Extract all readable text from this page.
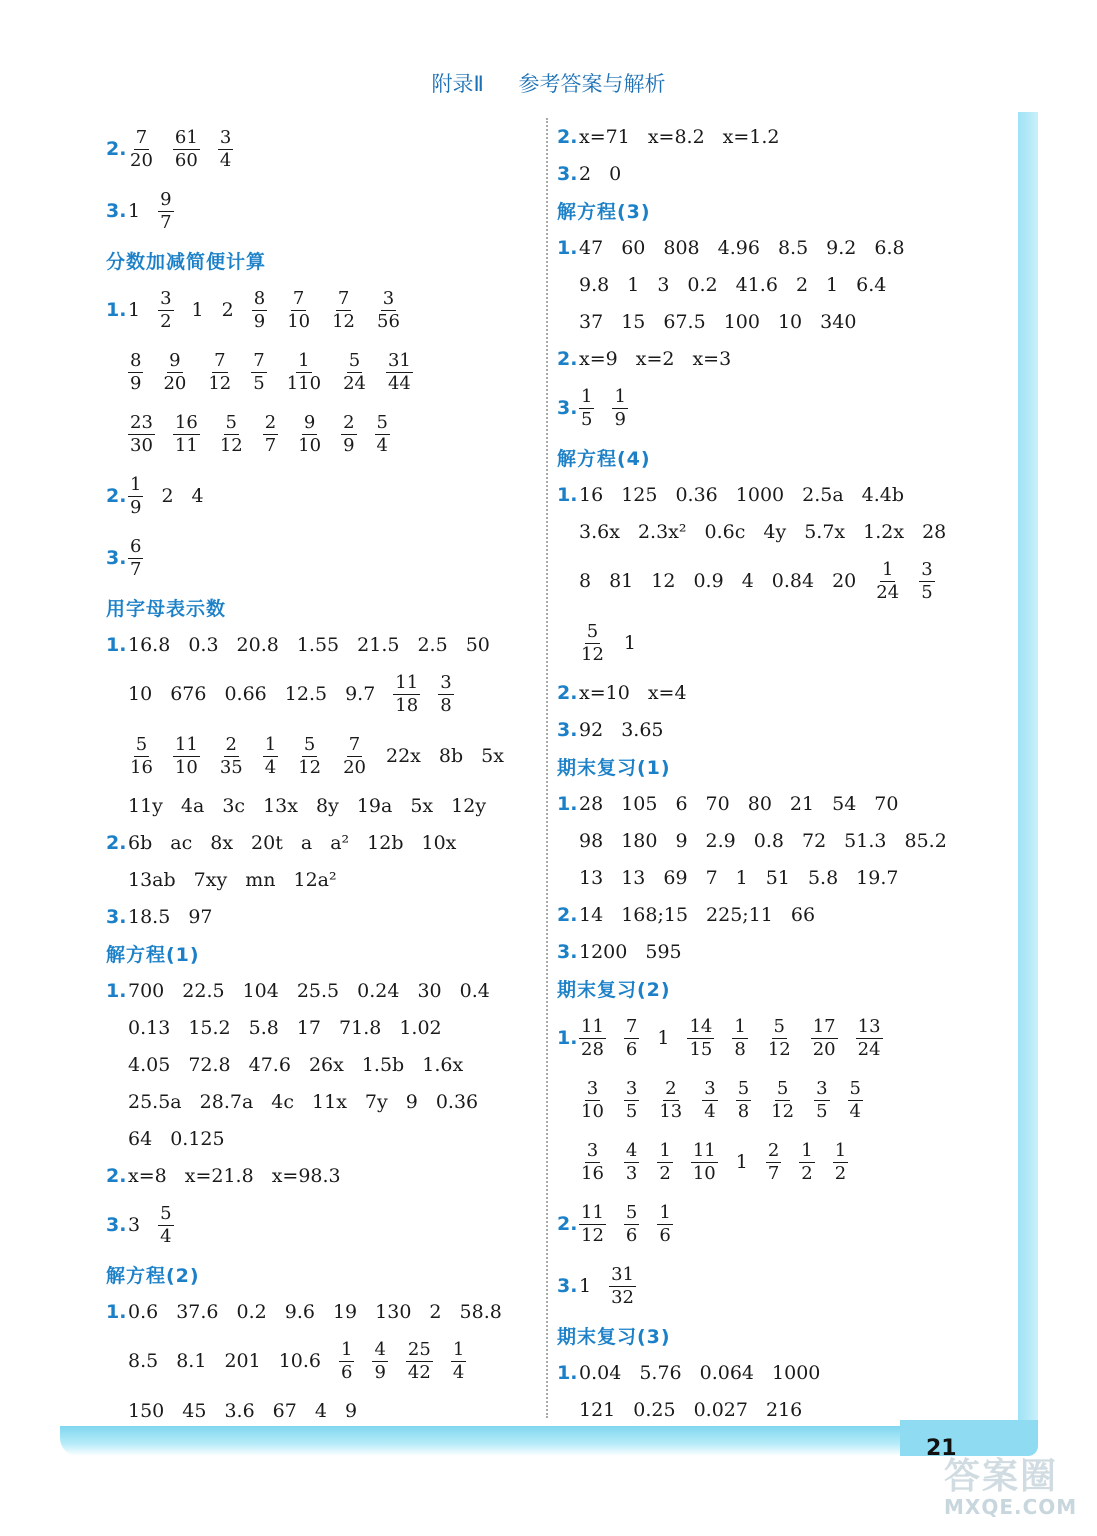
21
附录Ⅱ 参考答案与解析
2. $\frac{7}{20} \frac{61}{60} \frac{3}{4}$
3. $1 \frac{9}{7}$
分数加减简便计算
1. $1 \frac{3}{2} 1$ $2 \frac{8}{9} \frac{7}{10} \frac{7}{12} \frac{3}{56}$
$\frac{8}{9} \frac{9}{20} \frac{7}{12} \frac{7}{5} \frac{1}{110} \frac{5}{24} \frac{31}{44}$
$\frac{23}{30} \frac{16}{11} \frac{5}{12} \frac{2}{7} \frac{9}{10} \frac{2}{9} \frac{5}{4}$
2. $\frac{1}{9} 2$ 4
3. $\frac{6}{7}$
用字母表示数
1. 16.8 0.3 20.8 1.55 21.5 2.5 50
10 676 0.66 12.5 $9.7 \frac{11}{18} \frac{3}{8}$
$\frac{5}{16} \frac{11}{10} \frac{2}{35} \frac{1}{4} \frac{5}{12} \frac{7}{20} 22x$ 8b 5x
11y 4a 3c 13x 8y 19a 5x 12y
2. 6b ac 8x 20t a a² 12b 10x
13ab 7xy mn 12a²
3. 18.5 97
解方程(1)
1. 700 22.5 104 25.5 0.24 30 0.4
0.13 15.2 5.8 17 71.8 1.02
4.05 72.8 47.6 26x 1.5b 1.6x
25.5a 28.7a 4c 11x 7y 9 0.36
64 0.125
2. x=8 x=21.8 x=98.3
3. $3 \frac{5}{4}$
解方程(2)
1. 0.6 37.6 0.2 9.6 19 130 2 58.8
8.5 8.1 201 $10.6 \frac{1}{6} \frac{4}{9} \frac{25}{42} \frac{1}{4}$
150 45 3.6 67 4 9
2. x=71 x=8.2 x=1.2
3. 2 0
解方程(3)
1. 47 60 808 4.96 8.5 9.2 6.8
9.8 1 3 0.2 41.6 2 1 6.4
37 15 67.5 100 10 340
2. x=9 x=2 x=3
3. $\frac{1}{5} \frac{1}{9}$
解方程(4)
1. 16 125 0.36 1000 2.5a 4.4b
3.6x 2.3x² 0.6c 4y 5.7x 1.2x 28
8 81 12 0.9 4 0.84 $20 \frac{1}{24} \frac{3}{5}$
$\frac{5}{12} 1$
2. x=10 x=4
3. 92 3.65
期末复习(1)
1. 28 105 6 70 80 21 54 70
98 180 9 2.9 0.8 72 51.3 85.2
13 13 69 7 1 51 5.8 19.7
2. 14 168;15 225;11 66
3. 1200 595
期末复习(2)
1. $\frac{11}{28} \frac{7}{6} 1 \frac{14}{15} \frac{1}{8} \frac{5}{12} \frac{17}{20} \frac{13}{24}$
$\frac{3}{10} \frac{3}{5} \frac{2}{13} \frac{3}{4} \frac{5}{8} \frac{5}{12} \frac{3}{5} \frac{5}{4}$
$\frac{3}{16} \frac{4}{3} \frac{1}{2} \frac{11}{10} 1 \frac{2}{7} \frac{1}{2} \frac{1}{2}$
2. $\frac{11}{12} \frac{5}{6} \frac{1}{6}$
3. $1 \frac{31}{32}$
期末复习(3)
1. 0.04 5.76 0.064 1000
121 0.25 0.027 216
答案圈
MXQE.COM
